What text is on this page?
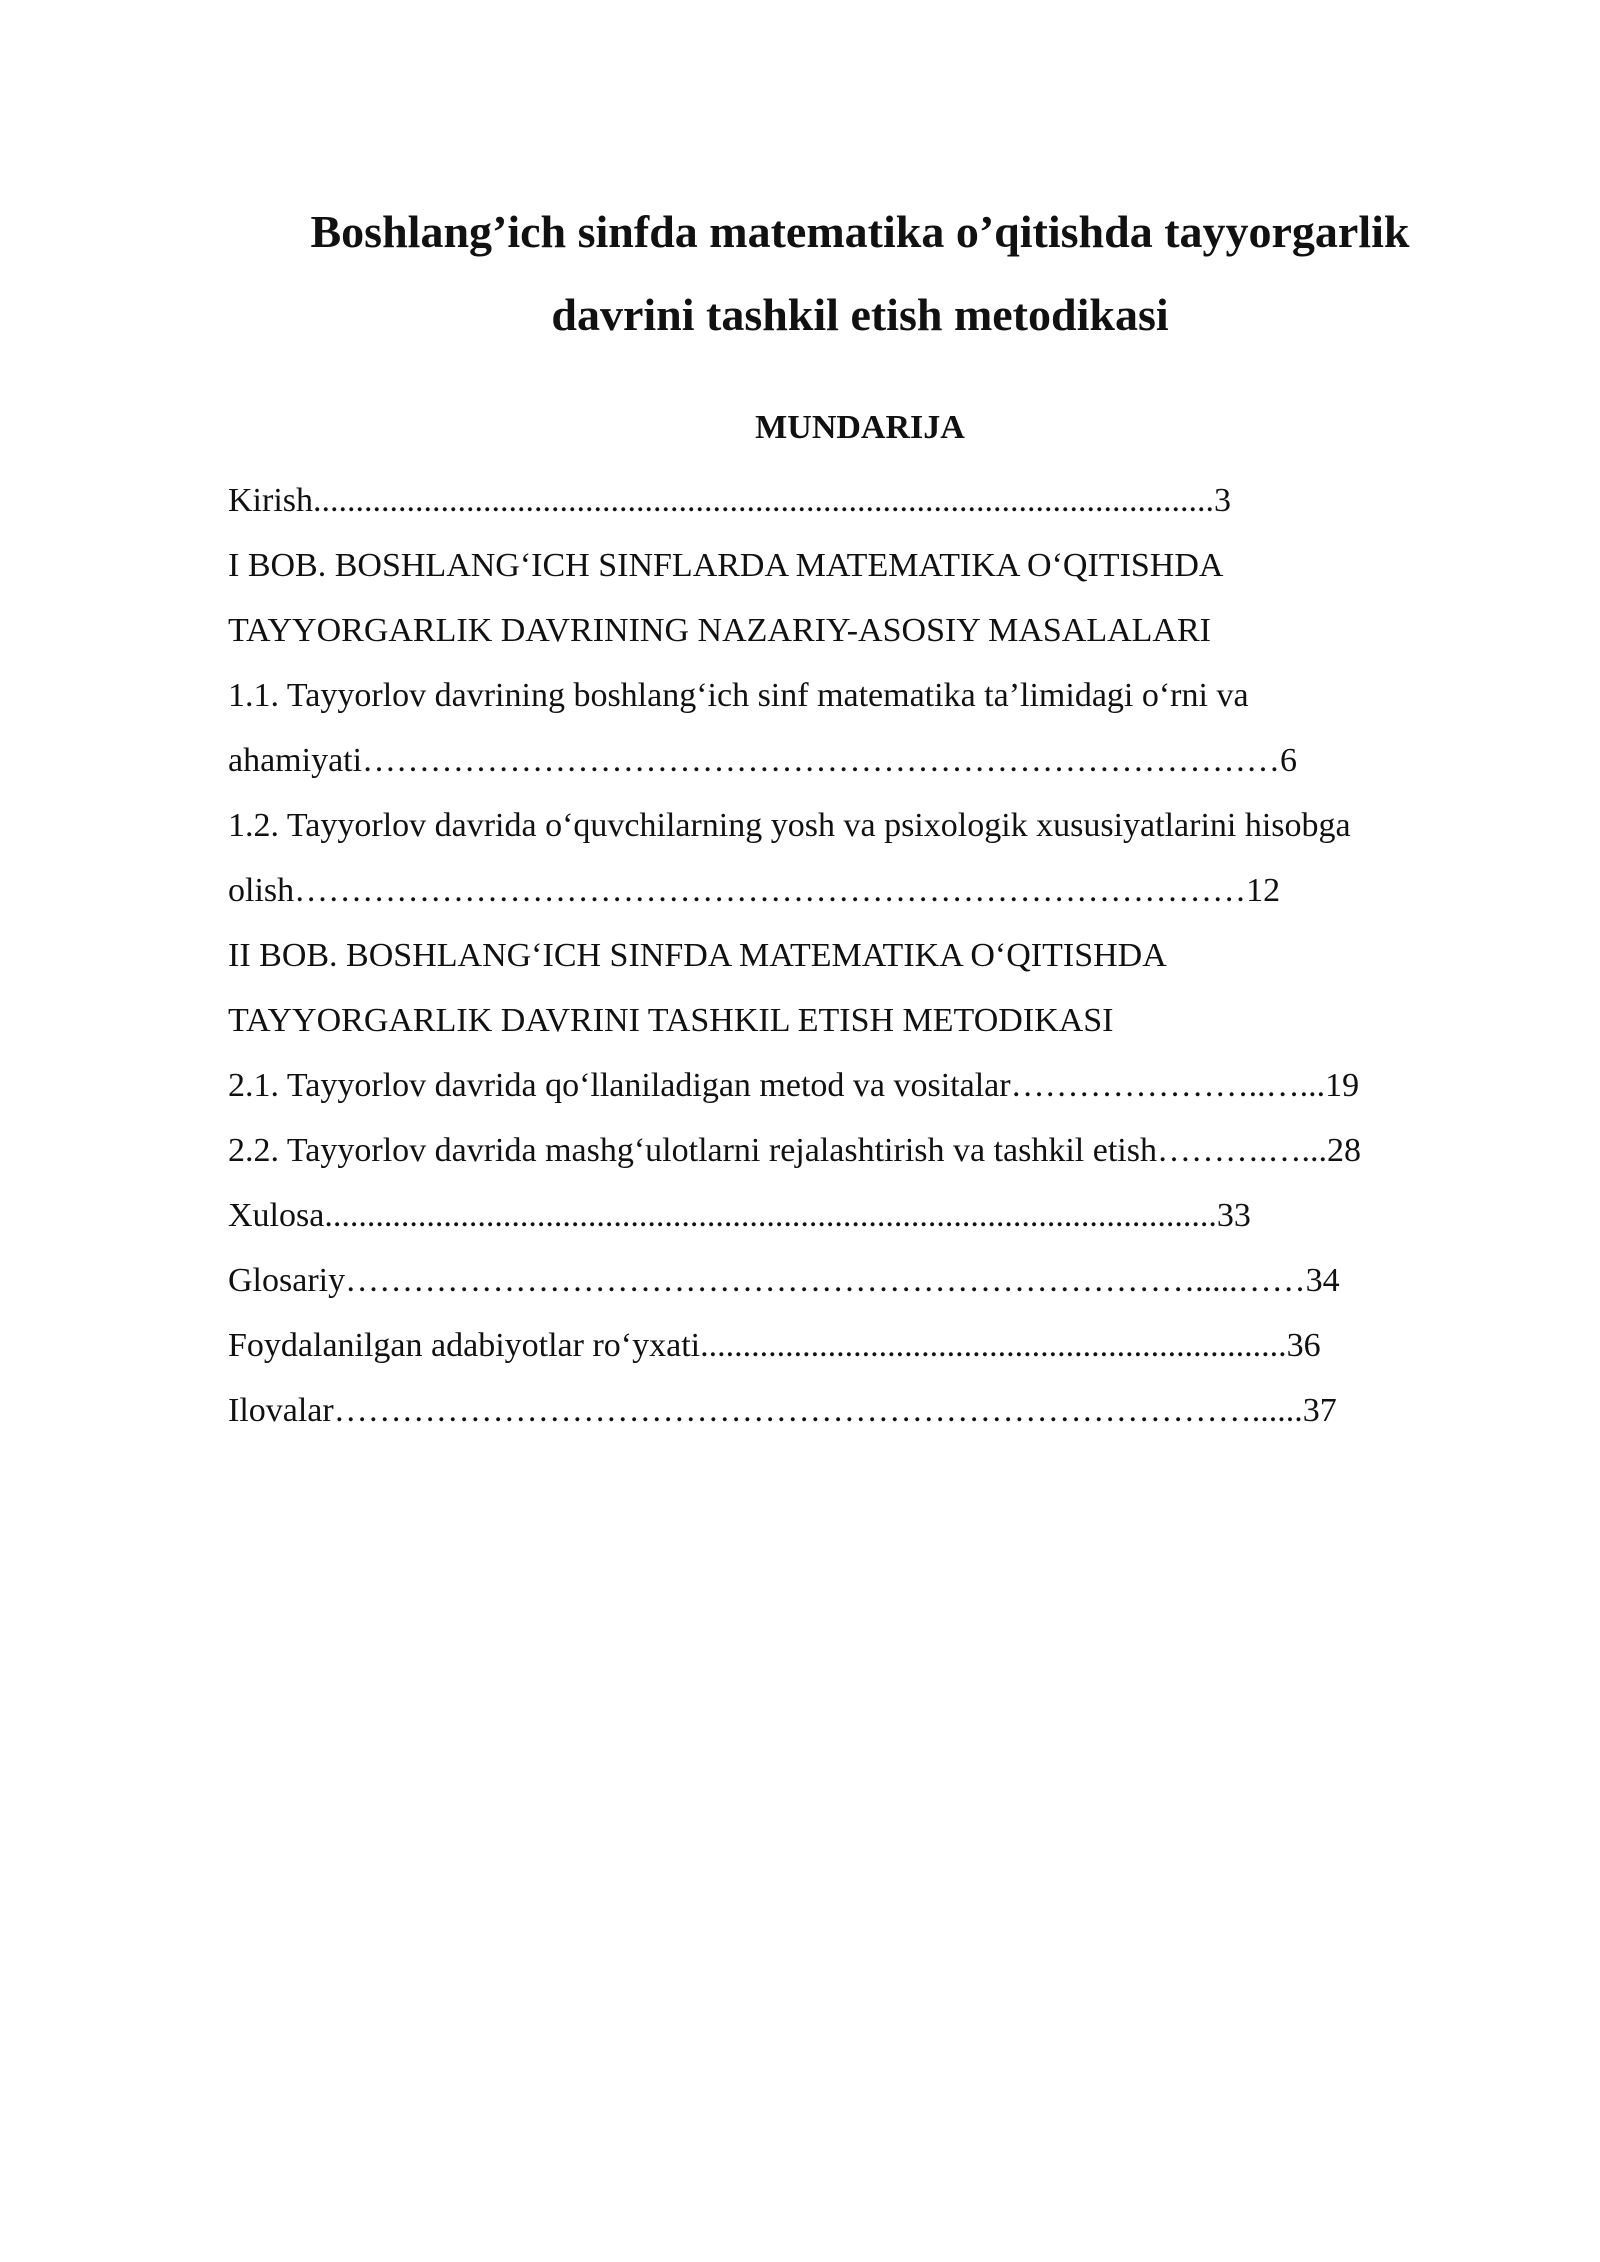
Boshlang’ich sinfda matematika o’qitishda tayyorgarlik
davrini tashkil etish metodikasi
MUNDARIJA
Kirish..........................................................................................................3
I BOB. BOSHLANG‘ICH SINFLARDA MATEMATIKA O‘QITISHDA
TAYYORGARLIK DAVRINING NAZARIY-ASOSIY MASALALARI
1.1. Tayyorlov davrining boshlang‘ich sinf matematika ta’limidagi o‘rni va
ahamiyati………………………………………………………………………6
1.2. Tayyorlov davrida o‘quvchilarning yosh va psixologik xususiyatlarini hisobga
olish…………………………………………………………………………12
II BOB. BOSHLANG‘ICH SINFDA MATEMATIKA O‘QITISHDA
TAYYORGARLIK DAVRINI TASHKIL ETISH METODIKASI
2.1. Tayyorlov davrida qo‘llaniladigan metod va vositalar…………………..…...19
2.2. Tayyorlov davrida mashg‘ulotlarni rejalashtirish va tashkil etish……….…...28
Xulosa.........................................................................................................33
Glosariy………………………………………………………………….....……34
Foydalanilgan adabiyotlar ro‘yxati.....................................................................36
Ilovalar………………………………………………………………………......37
